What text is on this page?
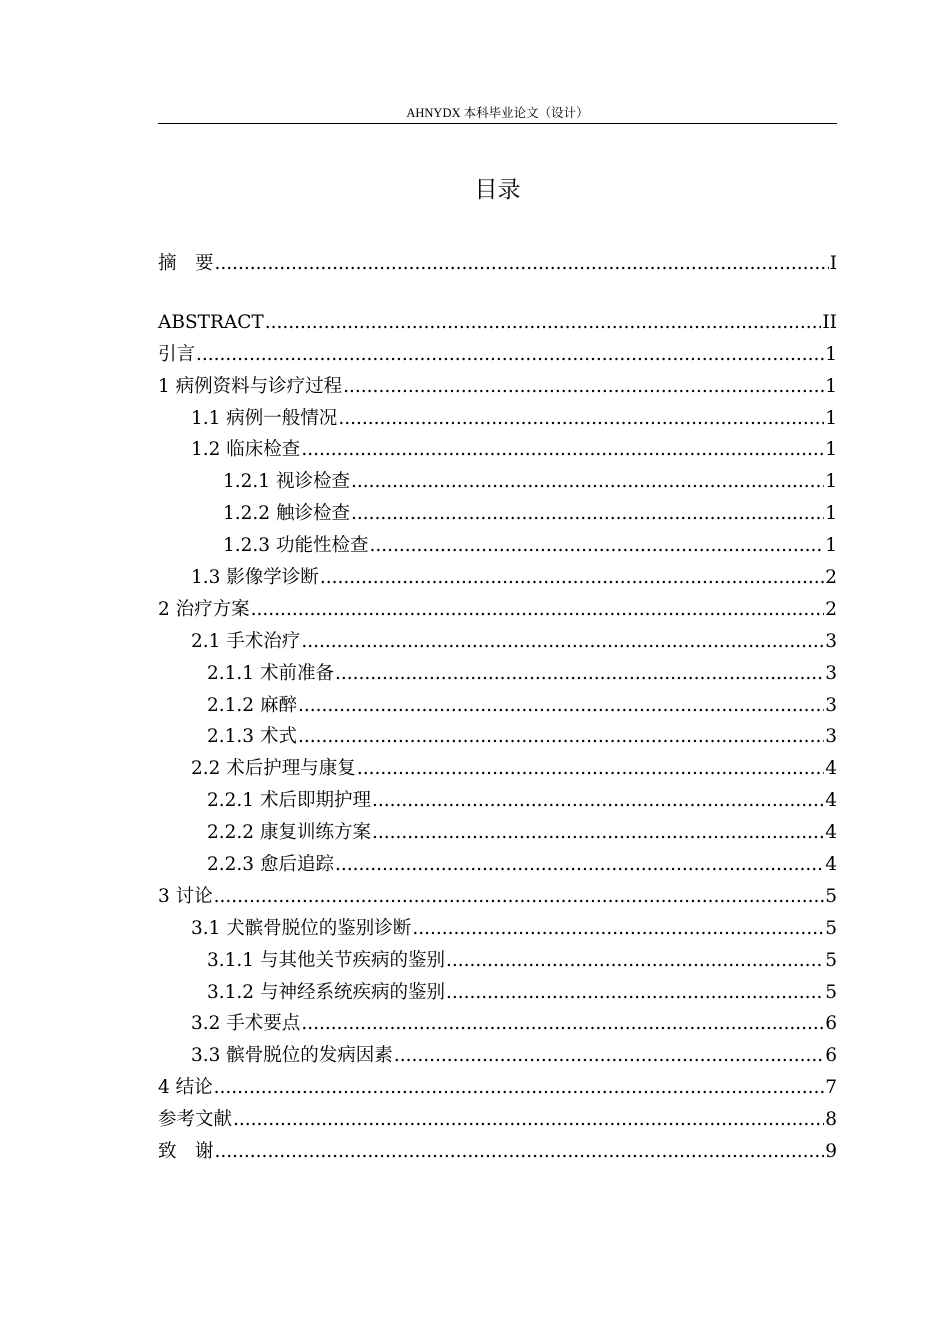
AHNYDX 本科毕业论文（设计）
目录
摘　要 .....	I
ABSTRACT .....	II
引言 .....	1
1 病例资料与诊疗过程 .....	1
1.1 病例一般情况 .....	1
1.2 临床检查 .....	1
1.2.1 视诊检查 .....	1
1.2.2 触诊检查 .....	1
1.2.3 功能性检查 .....	1
1.3 影像学诊断 .....	2
2 治疗方案 .....	2
2.1 手术治疗 .....	3
2.1.1 术前准备 .....	3
2.1.2 麻醉 .....	3
2.1.3 术式 .....	3
2.2 术后护理与康复 .....	4
2.2.1 术后即期护理 .....	4
2.2.2 康复训练方案 .....	4
2.2.3 愈后追踪 .....	4
3 讨论 .....	5
3.1 犬髌骨脱位的鉴别诊断 .....	5
3.1.1 与其他关节疾病的鉴别 .....	5
3.1.2 与神经系统疾病的鉴别 .....	5
3.2 手术要点 .....	6
3.3 髌骨脱位的发病因素 .....	6
4 结论 .....	7
参考文献 .....	8
致　谢 .....	9
